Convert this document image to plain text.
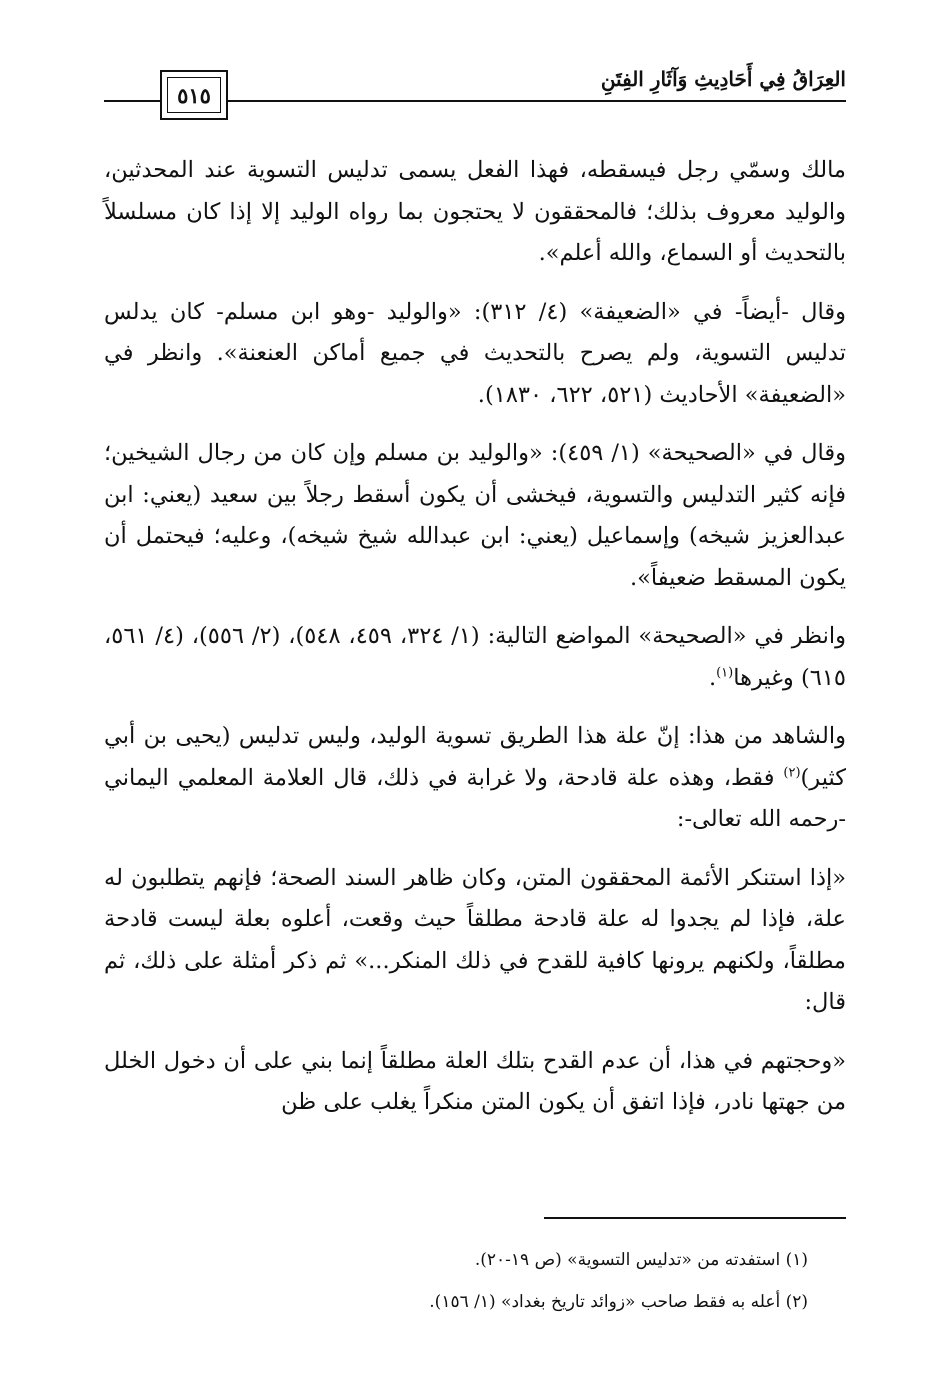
٥١٥
العِرَاقُ فِي أَحَادِيثِ وَآثَارِ الفِتَنِ

مالك وسمّي رجل فيسقطه، فهذا الفعل يسمى تدليس التسوية عند المحدثين، والوليد معروف بذلك؛ فالمحققون لا يحتجون بما رواه الوليد إلا إذا كان مسلسلاً بالتحديث أو السماع، والله أعلم».

وقال -أيضاً- في «الضعيفة» (٤/ ٣١٢): «والوليد -وهو ابن مسلم- كان يدلس تدليس التسوية، ولم يصرح بالتحديث في جميع أماكن العنعنة». وانظر في «الضعيفة» الأحاديث (٥٢١، ٦٢٢، ١٨٣٠).

وقال في «الصحيحة» (١/ ٤٥٩): «والوليد بن مسلم وإن كان من رجال الشيخين؛ فإنه كثير التدليس والتسوية، فيخشى أن يكون أسقط رجلاً بين سعيد (يعني: ابن عبدالعزيز شيخه) وإسماعيل (يعني: ابن عبدالله شيخ شيخه)، وعليه؛ فيحتمل أن يكون المسقط ضعيفاً».

وانظر في «الصحيحة» المواضع التالية: (١/ ٣٢٤، ٤٥٩، ٥٤٨)، (٢/ ٥٥٦)، (٤/ ٥٦١، ٦١٥) وغيرها$^{(١)}$.

والشاهد من هذا: إنّ علة هذا الطريق تسوية الوليد، وليس تدليس (يحيى بن أبي كثير)$^{(٢)}$ فقط، وهذه علة قادحة، ولا غرابة في ذلك، قال العلامة المعلمي اليماني -رحمه الله تعالى-:

«إذا استنكر الأئمة المحققون المتن، وكان ظاهر السند الصحة؛ فإنهم يتطلبون له علة، فإذا لم يجدوا له علة قادحة مطلقاً حيث وقعت، أعلوه بعلة ليست قادحة مطلقاً، ولكنهم يرونها كافية للقدح في ذلك المنكر...» ثم ذكر أمثلة على ذلك، ثم قال:

«وحجتهم في هذا، أن عدم القدح بتلك العلة مطلقاً إنما بني على أن دخول الخلل من جهتها نادر، فإذا اتفق أن يكون المتن منكراً يغلب على ظن

(١) استفدته من «تدليس التسوية» (ص ١٩-٢٠).

(٢) أعله به فقط صاحب «زوائد تاريخ بغداد» (١/ ١٥٦).
